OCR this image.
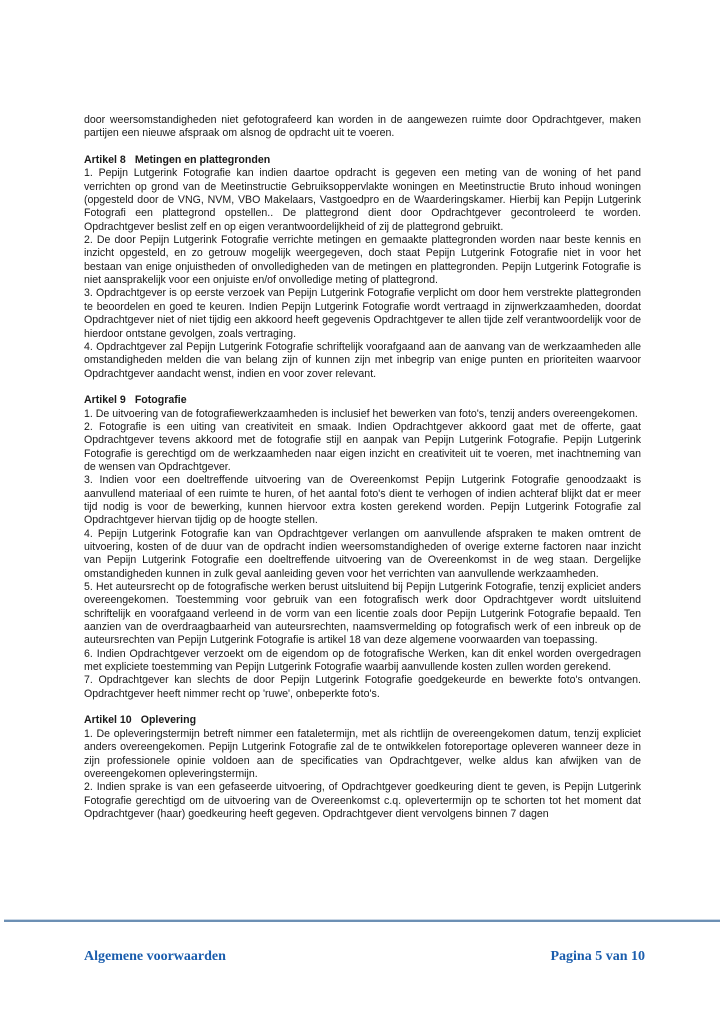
door weersomstandigheden niet gefotografeerd kan worden in de aangewezen ruimte door Opdrachtgever, maken partijen een nieuwe afspraak om alsnog de opdracht uit te voeren.

Artikel 8 Metingen en plattegronden

1. Pepijn Lutgerink Fotografie kan indien daartoe opdracht is gegeven een meting van de woning of het pand verrichten op grond van de Meetinstructie Gebruiksoppervlakte woningen en Meetinstructie Bruto inhoud woningen (opgesteld door de VNG, NVM, VBO Makelaars, Vastgoedpro en de Waarderingskamer. Hierbij kan Pepijn Lutgerink Fotografi een plattegrond opstellen.. De plattegrond dient door Opdrachtgever gecontroleerd te worden. Opdrachtgever beslist zelf en op eigen verantwoordelijkheid of zij de plattegrond gebruikt.

2. De door Pepijn Lutgerink Fotografie verrichte metingen en gemaakte plattegronden worden naar beste kennis en inzicht opgesteld, en zo getrouw mogelijk weergegeven, doch staat Pepijn Lutgerink Fotografie niet in voor het bestaan van enige onjuistheden of onvolledigheden van de metingen en plattegronden. Pepijn Lutgerink Fotografie is niet aansprakelijk voor een onjuiste en/of onvolledige meting of plattegrond.

3. Opdrachtgever is op eerste verzoek van Pepijn Lutgerink Fotografie verplicht om door hem verstrekte plattegronden te beoordelen en goed te keuren. Indien Pepijn Lutgerink Fotografie wordt vertraagd in zijnwerkzaamheden, doordat Opdrachtgever niet of niet tijdig een akkoord heeft gegevenis Opdrachtgever te allen tijde zelf verantwoordelijk voor de hierdoor ontstane gevolgen, zoals vertraging.

4. Opdrachtgever zal Pepijn Lutgerink Fotografie schriftelijk voorafgaand aan de aanvang van de werkzaamheden alle omstandigheden melden die van belang zijn of kunnen zijn met inbegrip van enige punten en prioriteiten waarvoor Opdrachtgever aandacht wenst, indien en voor zover relevant.

Artikel 9 Fotografie

1. De uitvoering van de fotografiewerkzaamheden is inclusief het bewerken van foto's, tenzij anders overeengekomen.

2. Fotografie is een uiting van creativiteit en smaak. Indien Opdrachtgever akkoord gaat met de offerte, gaat Opdrachtgever tevens akkoord met de fotografie stijl en aanpak van Pepijn Lutgerink Fotografie. Pepijn Lutgerink Fotografie is gerechtigd om de werkzaamheden naar eigen inzicht en creativiteit uit te voeren, met inachtneming van de wensen van Opdrachtgever.

3. Indien voor een doeltreffende uitvoering van de Overeenkomst Pepijn Lutgerink Fotografie genoodzaakt is aanvullend materiaal of een ruimte te huren, of het aantal foto's dient te verhogen of indien achteraf blijkt dat er meer tijd nodig is voor de bewerking, kunnen hiervoor extra kosten gerekend worden. Pepijn Lutgerink Fotografie zal Opdrachtgever hiervan tijdig op de hoogte stellen.

4. Pepijn Lutgerink Fotografie kan van Opdrachtgever verlangen om aanvullende afspraken te maken omtrent de uitvoering, kosten of de duur van de opdracht indien weersomstandigheden of overige externe factoren naar inzicht van Pepijn Lutgerink Fotografie een doeltreffende uitvoering van de Overeenkomst in de weg staan. Dergelijke omstandigheden kunnen in zulk geval aanleiding geven voor het verrichten van aanvullende werkzaamheden.

5. Het auteursrecht op de fotografische werken berust uitsluitend bij Pepijn Lutgerink Fotografie, tenzij expliciet anders overeengekomen. Toestemming voor gebruik van een fotografisch werk door Opdrachtgever wordt uitsluitend schriftelijk en voorafgaand verleend in de vorm van een licentie zoals door Pepijn Lutgerink Fotografie bepaald. Ten aanzien van de overdraagbaarheid van auteursrechten, naamsvermelding op fotografisch werk of een inbreuk op de auteursrechten van Pepijn Lutgerink Fotografie is artikel 18 van deze algemene voorwaarden van toepassing.

6. Indien Opdrachtgever verzoekt om de eigendom op de fotografische Werken, kan dit enkel worden overgedragen met expliciete toestemming van Pepijn Lutgerink Fotografie waarbij aanvullende kosten zullen worden gerekend.

7. Opdrachtgever kan slechts de door Pepijn Lutgerink Fotografie goedgekeurde en bewerkte foto's ontvangen. Opdrachtgever heeft nimmer recht op 'ruwe', onbeperkte foto's.

Artikel 10 Oplevering

1. De opleveringstermijn betreft nimmer een fataletermijn, met als richtlijn de overeengekomen datum, tenzij expliciet anders overeengekomen. Pepijn Lutgerink Fotografie zal de te ontwikkelen fotoreportage opleveren wanneer deze in zijn professionele opinie voldoen aan de specificaties van Opdrachtgever, welke aldus kan afwijken van de overeengekomen opleveringstermijn.

2. Indien sprake is van een gefaseerde uitvoering, of Opdrachtgever goedkeuring dient te geven, is Pepijn Lutgerink Fotografie gerechtigd om de uitvoering van de Overeenkomst c.q. oplevertermijn op te schorten tot het moment dat Opdrachtgever (haar) goedkeuring heeft gegeven. Opdrachtgever dient vervolgens binnen 7 dagen

Algemene voorwaarden	Pagina 5 van 10
